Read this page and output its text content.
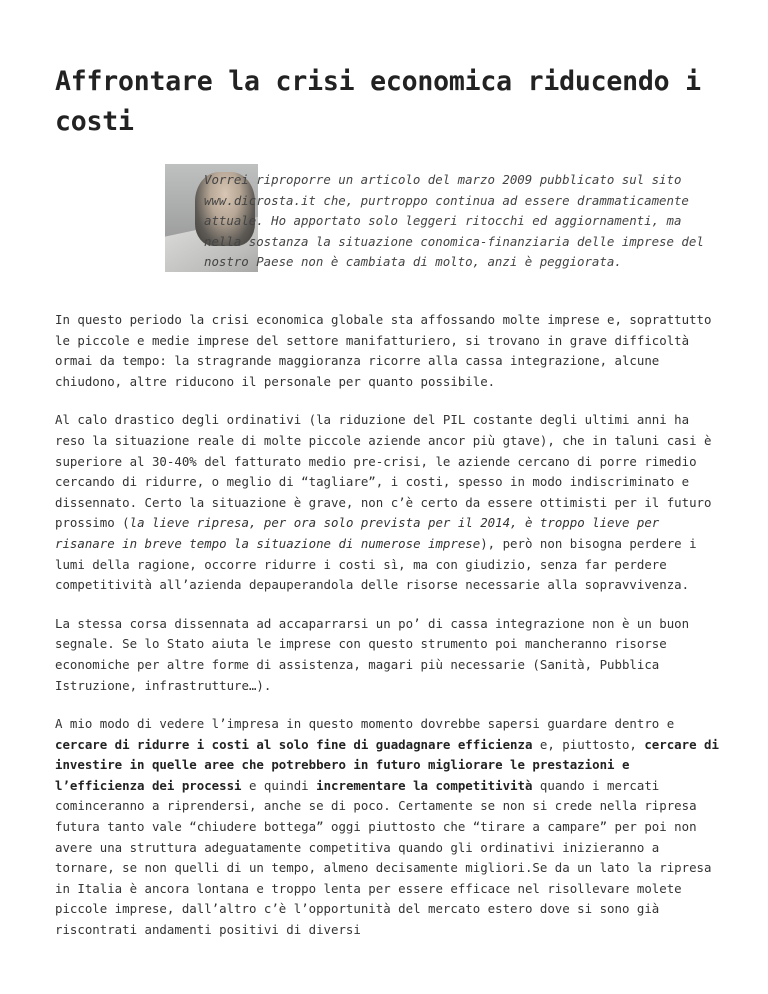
Affrontare la crisi economica riducendo i costi

Vorrei riproporre un articolo del marzo 2009 pubblicato sul sito www.dicrosta.it che, purtroppo continua ad essere drammaticamente attuale. Ho apportato solo leggeri ritocchi ed aggiornamenti, ma nella sostanza la situazione conomica-finanziaria delle imprese del nostro Paese non è cambiata di molto, anzi è peggiorata.

In questo periodo la crisi economica globale sta affossando molte imprese e, soprattutto le piccole e medie imprese del settore manifatturiero, si trovano in grave difficoltà ormai da tempo: la stragrande maggioranza ricorre alla cassa integrazione, alcune chiudono, altre riducono il personale per quanto possibile.

Al calo drastico degli ordinativi (la riduzione del PIL costante degli ultimi anni ha reso la situazione reale di molte piccole aziende ancor più gtave), che in taluni casi è superiore al 30-40% del fatturato medio pre-crisi, le aziende cercano di porre rimedio cercando di ridurre, o meglio di “tagliare”, i costi, spesso in modo indiscriminato e dissennato. Certo la situazione è grave, non c’è certo da essere ottimisti per il futuro prossimo (la lieve ripresa, per ora solo prevista per il 2014, è troppo lieve per risanare in breve tempo la situazione di numerose imprese), però non bisogna perdere i lumi della ragione, occorre ridurre i costi sì, ma con giudizio, senza far perdere competitività all’azienda depauperandola delle risorse necessarie alla sopravvivenza.

La stessa corsa dissennata ad accaparrarsi un po’ di cassa integrazione non è un buon segnale. Se lo Stato aiuta le imprese con questo strumento poi mancheranno risorse economiche per altre forme di assistenza, magari più necessarie (Sanità, Pubblica Istruzione, infrastrutture…).

A mio modo di vedere l’impresa in questo momento dovrebbe sapersi guardare dentro e cercare di ridurre i costi al solo fine di guadagnare efficienza e, piuttosto, cercare di investire in quelle aree che potrebbero in futuro migliorare le prestazioni e l’efficienza dei processi e quindi incrementare la competitività quando i mercati cominceranno a riprendersi, anche se di poco. Certamente se non si crede nella ripresa futura tanto vale “chiudere bottega” oggi piuttosto che “tirare a campare” per poi non avere una struttura adeguatamente competitiva quando gli ordinativi inizieranno a tornare, se non quelli di un tempo, almeno decisamente migliori.Se da un lato la ripresa in Italia è ancora lontana e troppo lenta per essere efficace nel risollevare molete piccole imprese, dall’altro c’è l’opportunità del mercato estero dove si sono già riscontrati andamenti positivi di diversi
